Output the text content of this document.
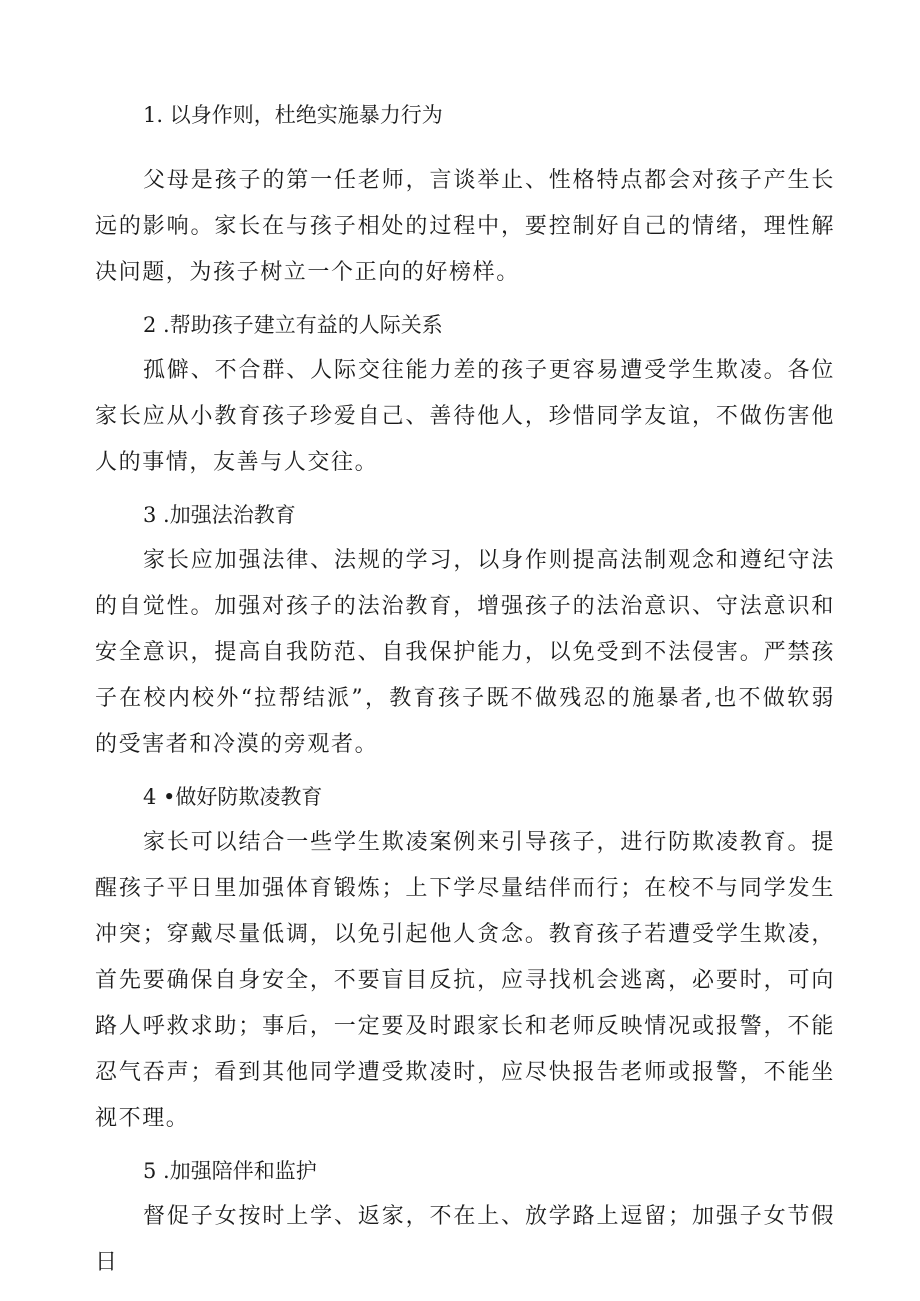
1. 以身作则，杜绝实施暴力行为

父母是孩子的第一任老师，言谈举止、性格特点都会对孩子产生长远的影响。家长在与孩子相处的过程中，要控制好自己的情绪，理性解决问题，为孩子树立一个正向的好榜样。

2 .帮助孩子建立有益的人际关系

孤僻、不合群、人际交往能力差的孩子更容易遭受学生欺凌。各位家长应从小教育孩子珍爱自己、善待他人，珍惜同学友谊，不做伤害他人的事情，友善与人交往。

3 .加强法治教育

家长应加强法律、法规的学习，以身作则提高法制观念和遵纪守法的自觉性。加强对孩子的法治教育，增强孩子的法治意识、守法意识和安全意识，提高自我防范、自我保护能力，以免受到不法侵害。严禁孩子在校内校外“拉帮结派”，教育孩子既不做残忍的施暴者,也不做软弱的受害者和冷漠的旁观者。

4 •做好防欺凌教育

家长可以结合一些学生欺凌案例来引导孩子，进行防欺凌教育。提醒孩子平日里加强体育锻炼；上下学尽量结伴而行；在校不与同学发生冲突；穿戴尽量低调，以免引起他人贪念。教育孩子若遭受学生欺凌，首先要确保自身安全，不要盲目反抗，应寻找机会逃离，必要时，可向路人呼救求助；事后，一定要及时跟家长和老师反映情况或报警，不能忍气吞声；看到其他同学遭受欺凌时，应尽快报告老师或报警，不能坐视不理。

5 .加强陪伴和监护

督促子女按时上学、返家，不在上、放学路上逗留；加强子女节假日
